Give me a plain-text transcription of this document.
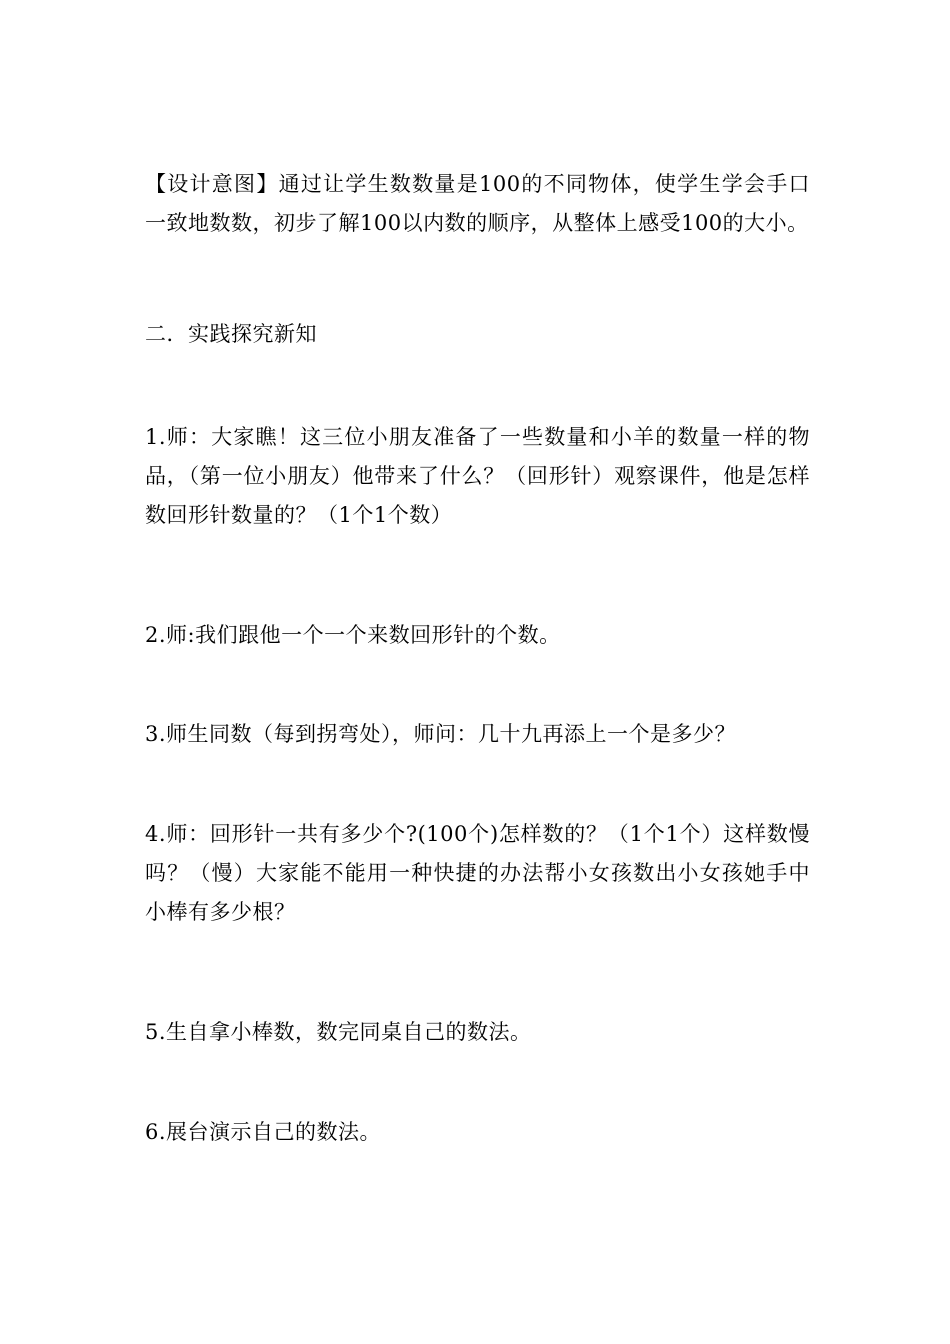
【设计意图】通过让学生数数量是100的不同物体，使学生学会手口一致地数数，初步了解100以内数的顺序，从整体上感受100的大小。

二．实践探究新知

1.师：大家瞧！这三位小朋友准备了一些数量和小羊的数量一样的物品，（第一位小朋友）他带来了什么？（回形针）观察课件，他是怎样数回形针数量的？（1个1个数）

2.师:我们跟他一个一个来数回形针的个数。

3.师生同数（每到拐弯处），师问：几十九再添上一个是多少？

4.师：回形针一共有多少个?(100个)怎样数的？（1个1个）这样数慢吗？（慢）大家能不能用一种快捷的办法帮小女孩数出小女孩她手中小棒有多少根？

5.生自拿小棒数，数完同桌自己的数法。

6.展台演示自己的数法。
